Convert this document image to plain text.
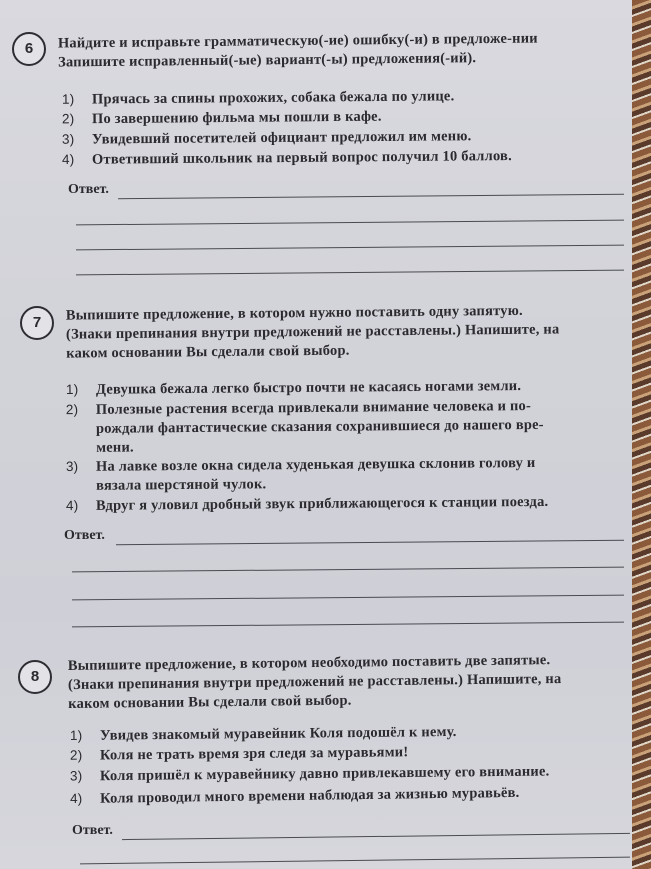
6	Найдите и исправьте грамматическую(-ие) ошибку(-и) в предложе-нии
Запишите исправленный(-ые) вариант(-ы) предложения(-ий).
1) Прячась за спины прохожих, собака бежала по улице.
2) По завершению фильма мы пошли в кафе.
3) Увидевший посетителей официант предложил им меню.
4) Ответивший школьник на первый вопрос получил 10 баллов.
Ответ.
7	Выпишите предложение, в котором нужно поставить одну запятую.
(Знаки препинания внутри предложений не расставлены.) Напишите, на
каком основании Вы сделали свой выбор.
1) Девушка бежала легко быстро почти не касаясь ногами земли.
2) Полезные растения всегда привлекали внимание человека и по-
рождали фантастические сказания сохранившиеся до нашего вре-
мени.
3) На лавке возле окна сидела худенькая девушка склонив голову и
вязала шерстяной чулок.
4) Вдруг я уловил дробный звук приближающегося к станции поезда.
Ответ.
8
Выпишите предложение, в котором необходимо поставить две запятые.
(Знаки препинания внутри предложений не расставлены.) Напишите, на
каком основании Вы сделали свой выбор.
1) Увидев знакомый муравейник Коля подошёл к нему.
2) Коля не трать время зря следя за муравьями!
3) Коля пришёл к муравейнику давно привлекавшему его внимание.
4) Коля проводил много времени наблюдая за жизнью муравьёв.
Ответ.
